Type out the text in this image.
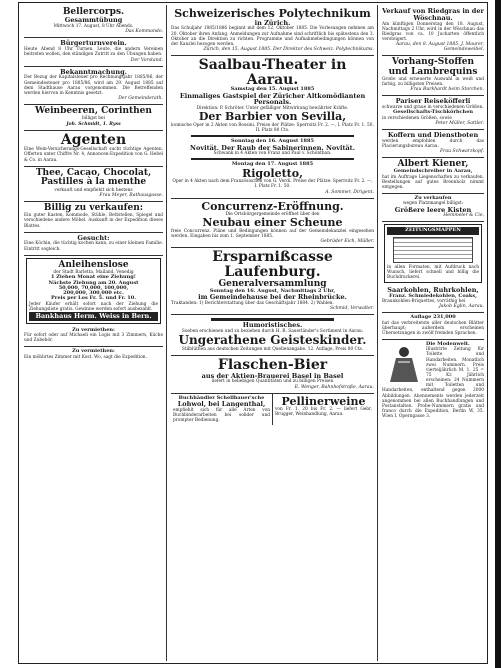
Bellercorps.
Gesammtübung
Mittwoch 17. August, 8 Uhr Abends.
Das Kommando.
Bürgerturnverein.
Heute Abend 8 Uhr Turnen. Leute, die andern Vereinen beitreten wollen, den ständigen Zutritt zu den Übungen haben.
Der Vorstand.
Bekanntmachung.
Der Bezug der Kapitalsteuer pro Rechnungsjahr 1885/86, der Gemeindesteuer pro 1885/86, wird am 29. August 1885 auf dem Stadthause Aarau vorgenommen. Die Betreffenden werden hiervon in Kenntnis gesetzt.
Der Gemeinderath.
Weinbeeren, Corinthen
billigst bei
Joh. Schmidt, 1. Ryss
Agenten
Eine Wein-Versicherungs-Gesellschaft sucht tüchtige Agenten. Offerten unter Chiffre Nr. 4, Annoncen-Expedition von G. Hebel & Co. in Aarau.
Thee, Cacao, Chocolat, Pastilles à la menthe
verkauft und empfiehlt sich bestens
Frau Meyer, Rathausgasse.
Billig zu verkaufen:
Ein guter Kasten, Kommode, Stühle, Bettstellen, Spiegel und verschiedene andere Möbel. Auskunft in der Expedition dieses Blattes.
Gesucht:
Eine Köchin, die tüchtig kochen kann, zu einer kleinen Familie. Eintritt sogleich.
Anleihenslose
der Stadt Barletta, Mailand, Venedig
1 Ziehen Monat eine Ziehung!
Nächste Ziehung am 20. August
50,000, 70,000, 100,000,
200,000, 300,000 etc.
Preis per Los Fr. 5. und Fr. 10.
Jeder Käufer erhält sofort nach der Ziehung die Ziehungsliste gratis. Gewinne werden sofort ausbezahlt.
Bankhaus Herm. Weiss in Bern.
Zu vermiethen:
Für sofort oder auf Michaeli ein Logis mit 3 Zimmern, Küche und Zubehör.
Zu vermiethen:
Ein möblirtes Zimmer mit Kost. Wo, sagt die Expedition.
Schweizerisches Polytechnikum
in Zürich.
Das Schuljahr 1885/1886 beginnt mit dem 12. Oktober 1885. Die Vorlesungen nehmen am 20. Oktober ihren Anfang. Anmeldungen zur Aufnahme sind schriftlich bis spätestens den 3. Oktober an die Direktion zu richten. Programme und Aufnahmebedingungen können von der Kanzlei bezogen werden.
Zürich, den 15. August 1885. Der Direktor des Schweiz. Polytechnikums.
Saalbau-Theater in Aarau.
Samstag den 15. August 1885
Einmaliges Gastspiel der Züricher Altkomödianten Personals.
Direktion: P. Schröter. Unter gefälliger Mitwirkung bewährter Kräfte.
Der Barbier von Sevilla,
komische Oper in 2 Akten von Rossini. Preise der Plätze: Sperrsitz Fr. 2. —, I. Platz Fr. 1. 50, II. Platz 80 Cts.
Sonntag den 16. August 1885
Novität. Der Raub der Sabinerinnen. Novität.
Schwank in 4 Akten von Franz und Paul v. Schönthan.
Montag den 17. August 1885
Rigoletto,
Oper in 4 Akten nach dem Französischen von G. Verdi. Preise der Plätze: Sperrsitz Fr. 2. —, I. Platz Fr. 1. 50.
A. Sommer, Dirigent.
Concurrenz-Eröffnung.
Die Ortsbürgergemeinde eröffnet über den
Neubau einer Scheune
freie Concurrenz. Pläne und Bedingungen können auf der Gemeindekanzlei eingesehen werden. Eingaben bis zum 1. September 1885.
Gebrüder Eich, Müller.
Ersparnißcasse Laufenburg.
Generalversammlung
Sonntag den 16. August, Nachmittags 2 Uhr,
im Gemeindehause bei der Rheinbrücke.
Traktanden: 1) Berichterstattung über das Geschäftsjahr 1884. 2) Wahlen.
Schmid, Verwalter.
Humoristisches.
Soeben erschienen und zu beziehen durch H. R. Sauerländer's Sortiment in Aarau:
Ungerathene Geisteskinder.
Stilblüthen aus deutschen Zeitungen mit Quellenangabe. 12. Auflage, Preis 80 Cts.
Flaschen-Bier
aus der Aktien-Brauerei Basel in Basel
liefert in beliebigen Quantitäten und zu billigen Preisen
E. Wenger, Bahnhofstraße, Aarau.
Buchhändler Schellbauer'sche
Lohwol, bei Langenthal,
empfiehlt sich für alle Arten von Buchbinderarbeiten bei solider und prompter Bedienung.
Pellinerweine
von Fr. 1. 20 bis Fr. 2. — liefert Gebr. Brugger, Weinhandlung, Aarau.
Verkauf von Riedgras in der Wöschnau.
Am künftigen Donnerstag den 18. August, Nachmittags 2 Uhr, wird in der Wöschnau das Riedgras von ca. 10 Jucharten öffentlich versteigert.
Aarau, den 8. August 1885. J. Maurer, Gemeindeweibel.
Vorhang-Stoffen und Lambrequins
Große und erneuerte Auswahl in weiß und farbig, zu billigsten Preisen.
Frau Burkhardt beim Storchen.
Pariser Reiseköfferli
schwarze und graue in verschiedenen Größen.
Gesellschafts-Tischkörbchen
in verschiedenen Größen, sowie
Peter Müller, Sattler.
Koffern und Dienstboten
werden empfohlen durch das Placierungsbureau Aarau.
Frau Schwarzkopf.
Albert Kiener,
Gemeindschreiber in Aarau,
hat im Auftrage Liegenschaften zu verkaufen. Bestellungen auf gutes Brennholz nimmt entgegen.
Zu verkaufen
wegen Platzmangel billigst:
Größere leere Kisten
Hemmeler & Cie.
ZEITUNGSMAPPEN
in allen Formaten, mit Aufdruck nach Wunsch, liefert schnell und billig die Buchdruckerei.
Saarkohlen, Ruhrkohlen,
Franz. Schmiedekohlen, Coaks,
Braunkohlen-Briquettes, vorräthig bei
Jakob Eglin, Aarau.
Auflage 231,000
hat das verbreitetste aller deutschen Blätter überhaupt; außerdem erscheinen Übersetzungen in zwölf fremden Sprachen.
Die Modenwelt.
Illustrirte Zeitung für Toilette und Handarbeiten. Monatlich zwei Nummern. Preis vierteljährlich M. 1. 25 = 75 Kr. Jährlich erscheinen: 24 Nummern mit Toiletten und Handarbeiten, enthaltend gegen 2000 Abbildungen. Abonnements werden jederzeit angenommen bei allen Buchhandlungen und Postanstalten. Probe-Nummern gratis und franco durch die Expedition, Berlin W, 35. Wien I, Operngasse 3.
